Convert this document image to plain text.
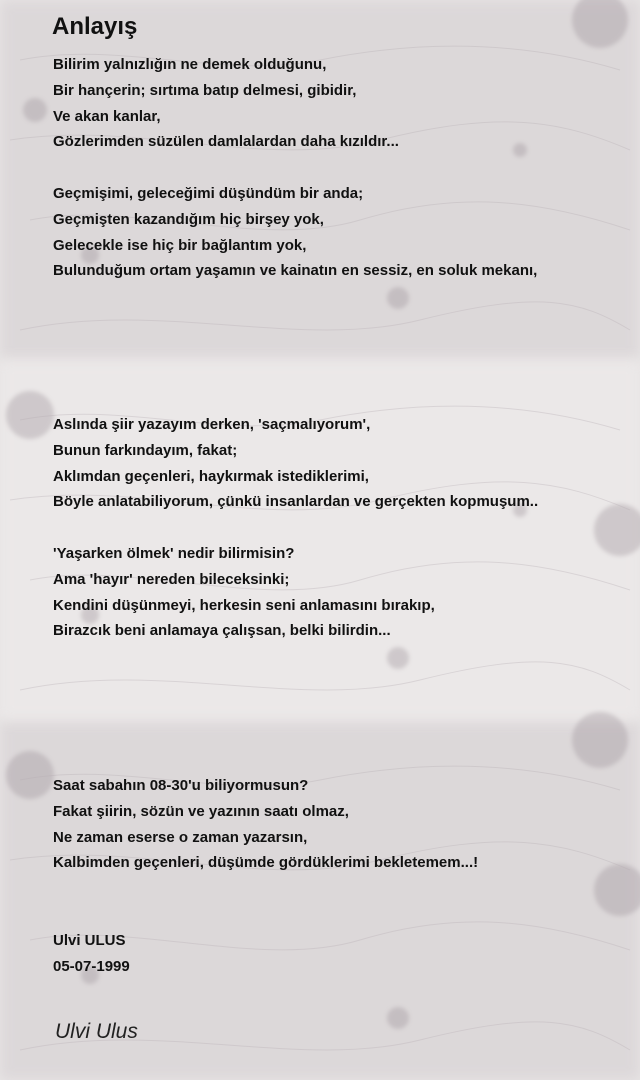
Anlayış
Bilirim yalnızlığın ne demek olduğunu,
Bir hançerin; sırtıma batıp delmesi, gibidir,
Ve akan kanlar,
Gözlerimden süzülen damlalardan daha kızıldır...
Geçmişimi, geleceğimi düşündüm bir anda;
Geçmişten kazandığım hiç birşey yok,
Gelecekle ise hiç bir bağlantım yok,
Bulunduğum ortam yaşamın ve kainatın en sessiz, en soluk mekanı,
Aslında şiir yazayım derken, 'saçmalıyorum',
Bunun farkındayım, fakat;
Aklımdan geçenleri, haykırmak istediklerimi,
Böyle anlatabiliyorum, çünkü insanlardan ve gerçekten kopmuşum..
'Yaşarken ölmek' nedir bilirmisin?
Ama 'hayır' nereden bileceksinki;
Kendini düşünmeyi, herkesin seni anlamasını bırakıp,
Birazcık beni anlamaya çalışsan, belki bilirdin...
Saat sabahın 08-30'u biliyormusun?
Fakat şiirin, sözün ve yazının saatı olmaz,
Ne zaman eserse o zaman yazarsın,
Kalbimden geçenleri, düşümde gördüklerimi bekletemem...!
Ulvi ULUS
05-07-1999
Ulvi Ulus
